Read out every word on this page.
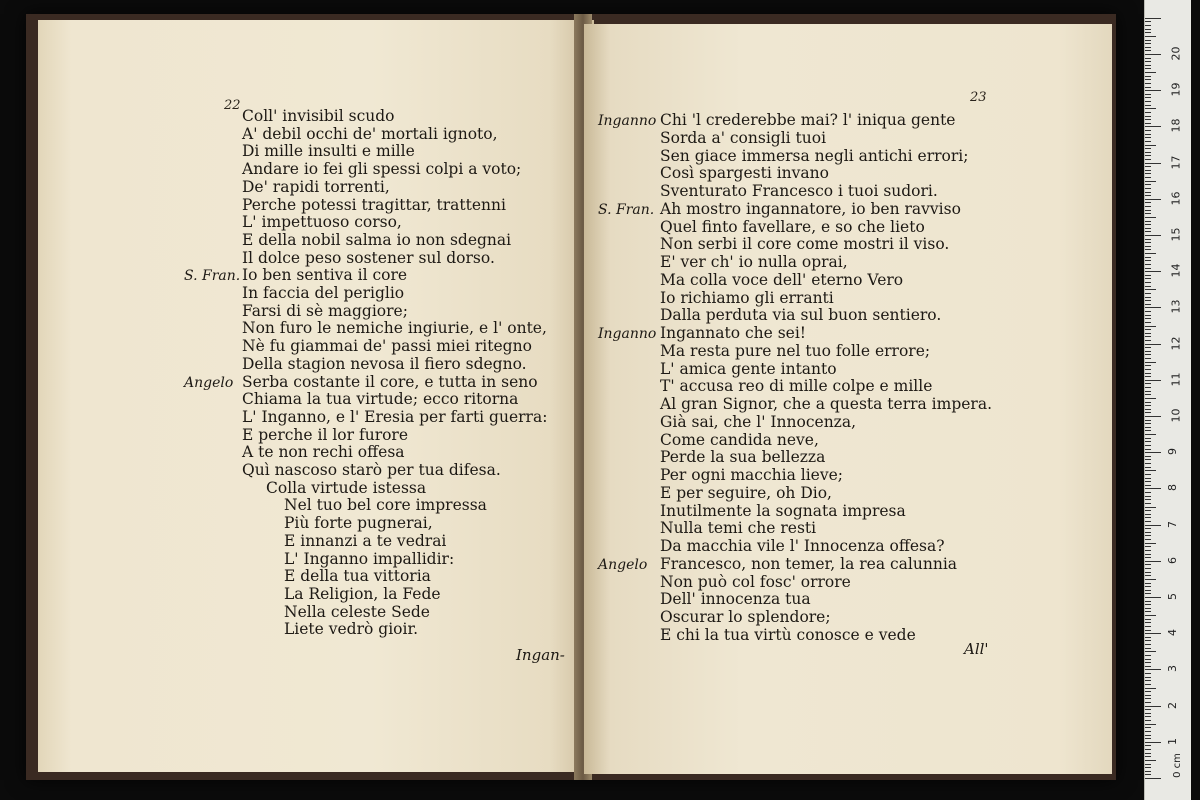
22
Coll' invisibil scudo
A' debil occhi de' mortali ignoto,
Di mille insulti e mille
Andare io fei gli spessi colpi a voto;
De' rapidi torrenti,
Perche potessi tragittar, trattenni
L' impettuoso corso,
E della nobil salma io non sdegnai
Il dolce peso sostener sul dorso.
S. Fran. Io ben sentiva il core
In faccia del periglio
Farsi di sè maggiore;
Non furo le nemiche ingiurie, e l' onte,
Nè fu giammai de' passi miei ritegno
Della stagion nevosa il fiero sdegno.
Angelo Serba costante il core, e tutta in seno
Chiama la tua virtude; ecco ritorna
L' Inganno, e l' Eresia per farti guerra:
E perche il lor furore
A te non rechi offesa
Quì nascoso starò per tua difesa.
Colla virtude istessa
Nel tuo bel core impressa
Più forte pugnerai,
E innanzi a te vedrai
L' Inganno impallidir:
E della tua vittoria
La Religion, la Fede
Nella celeste Sede
Liete vedrò gioir.
Ingan-
23
Inganno Chi 'l crederebbe mai? l' iniqua gente
Sorda a' consigli tuoi
Sen giace immersa negli antichi errori;
Così spargesti invano
Sventurato Francesco i tuoi sudori.
S. Fran. Ah mostro ingannatore, io ben ravviso
Quel finto favellare, e so che lieto
Non serbi il core come mostri il viso.
E' ver ch' io nulla oprai,
Ma colla voce dell' eterno Vero
Io richiamo gli erranti
Dalla perduta via sul buon sentiero.
Inganno Ingannato che sei!
Ma resta pure nel tuo folle errore;
L' amica gente intanto
T' accusa reo di mille colpe e mille
Al gran Signor, che a questa terra impera.
Già sai, che l' Innocenza,
Come candida neve,
Perde la sua bellezza
Per ogni macchia lieve;
E per seguire, oh Dio,
Inutilmente la sognata impresa
Nulla temi che resti
Da macchia vile l' Innocenza offesa?
Angelo Francesco, non temer, la rea calunnia
Non può col fosc' orrore
Dell' innocenza tua
Oscurar lo splendore;
E chi la tua virtù conosce e vede
All'
1
2
3
4
5
6
7
8
9
10
11
12
13
14
15
16
17
18
19
20
0 cm
